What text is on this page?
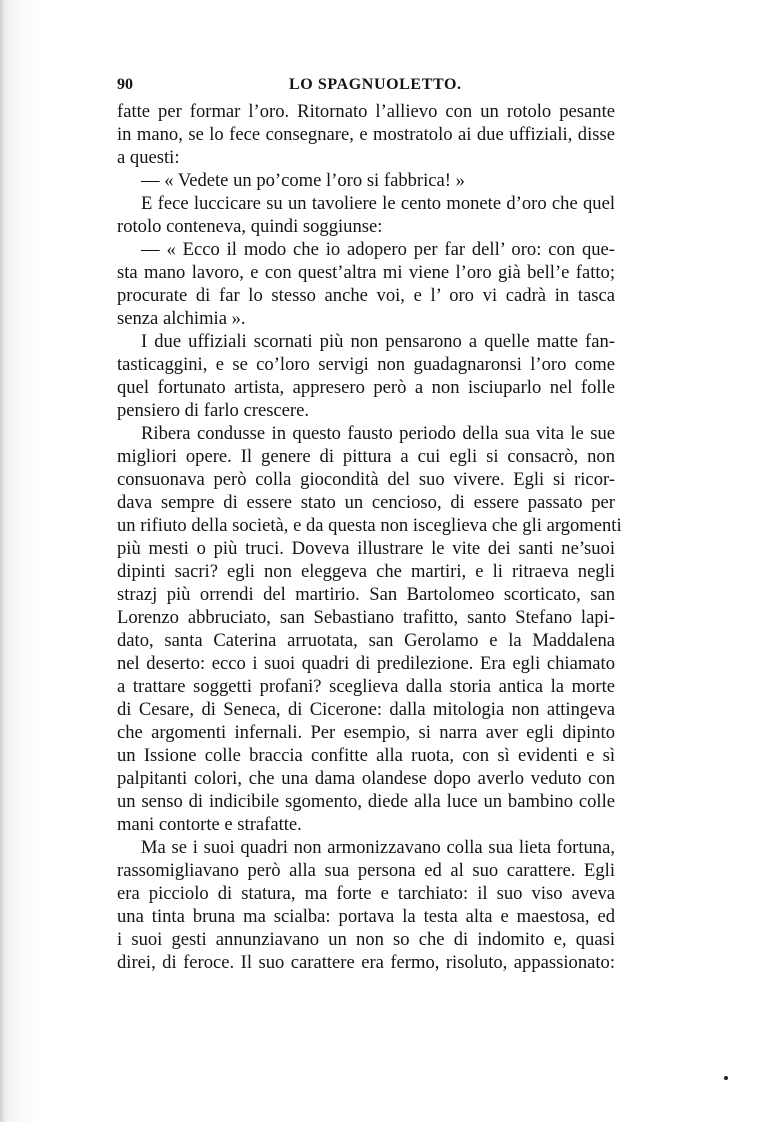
90	LO SPAGNUOLETTO.
fatte per formar l’oro. Ritornato l’allievo con un rotolo pesante
in mano, se lo fece consegnare, e mostratolo ai due uffiziali, disse
a questi:
— « Vedete un po’come l’oro si fabbrica! »
E fece luccicare su un tavoliere le cento monete d’oro che quel
rotolo conteneva, quindi soggiunse:
— « Ecco il modo che io adopero per far dell’ oro: con que-
sta mano lavoro, e con quest’altra mi viene l’oro già bell’e fatto;
procurate di far lo stesso anche voi, e l’ oro vi cadrà in tasca
senza alchimia ».
I due uffiziali scornati più non pensarono a quelle matte fan-
tasticaggini, e se co’loro servigi non guadagnaronsi l’oro come
quel fortunato artista, appresero però a non isciuparlo nel folle
pensiero di farlo crescere.
Ribera condusse in questo fausto periodo della sua vita le sue
migliori opere. Il genere di pittura a cui egli si consacrò, non
consuonava però colla giocondità del suo vivere. Egli si ricor-
dava sempre di essere stato un cencioso, di essere passato per
un rifiuto della società, e da questa non isceglieva che gli argomenti
più mesti o più truci. Doveva illustrare le vite dei santi ne’suoi
dipinti sacri? egli non eleggeva che martiri, e li ritraeva negli
strazj più orrendi del martirio. San Bartolomeo scorticato, san
Lorenzo abbruciato, san Sebastiano trafitto, santo Stefano lapi-
dato, santa Caterina arruotata, san Gerolamo e la Maddalena
nel deserto: ecco i suoi quadri di predilezione. Era egli chiamato
a trattare soggetti profani? sceglieva dalla storia antica la morte
di Cesare, di Seneca, di Cicerone: dalla mitologia non attingeva
che argomenti infernali. Per esempio, si narra aver egli dipinto
un Issione colle braccia confitte alla ruota, con sì evidenti e sì
palpitanti colori, che una dama olandese dopo averlo veduto con
un senso di indicibile sgomento, diede alla luce un bambino colle
mani contorte e strafatte.
Ma se i suoi quadri non armonizzavano colla sua lieta fortuna,
rassomigliavano però alla sua persona ed al suo carattere. Egli
era picciolo di statura, ma forte e tarchiato: il suo viso aveva
una tinta bruna ma scialba: portava la testa alta e maestosa, ed
i suoi gesti annunziavano un non so che di indomito e, quasi
direi, di feroce. Il suo carattere era fermo, risoluto, appassionato:
